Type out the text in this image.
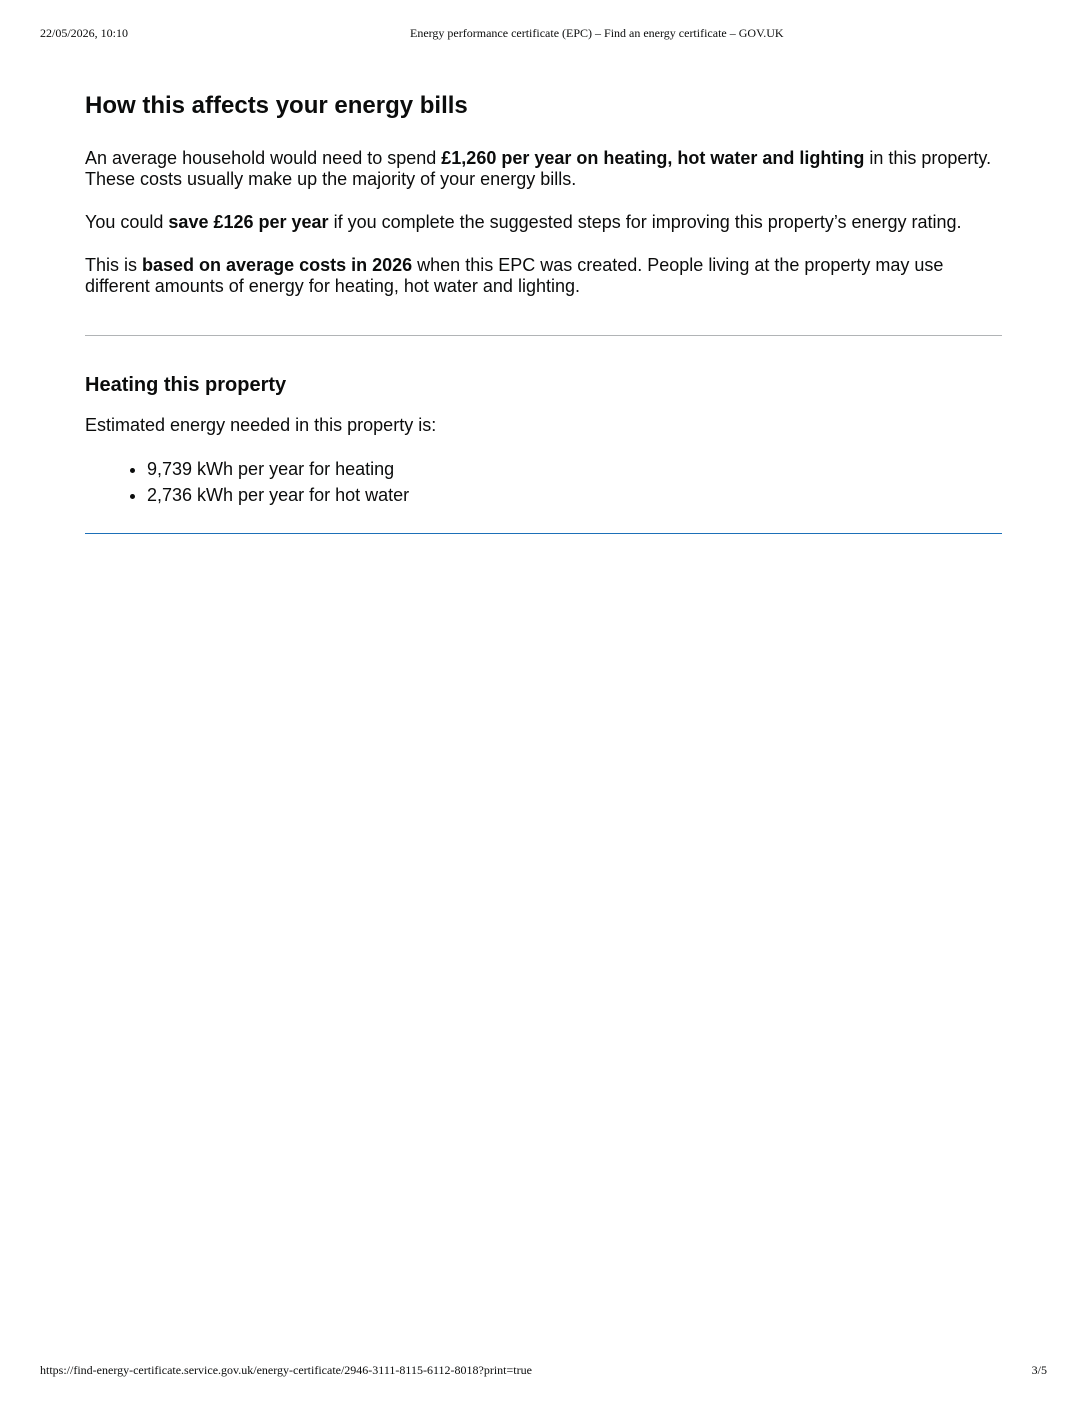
22/05/2026, 10:10	Energy performance certificate (EPC) – Find an energy certificate – GOV.UK
How this affects your energy bills

An average household would need to spend £1,260 per year on heating, hot water and lighting in this property. These costs usually make up the majority of your energy bills.

You could save £126 per year if you complete the suggested steps for improving this property’s energy rating.

This is based on average costs in 2026 when this EPC was created. People living at the property may use different amounts of energy for heating, hot water and lighting.

Heating this property

Estimated energy needed in this property is:

• 9,739 kWh per year for heating
• 2,736 kWh per year for hot water
https://find-energy-certificate.service.gov.uk/energy-certificate/2946-3111-8115-6112-8018?print=true	3/5
